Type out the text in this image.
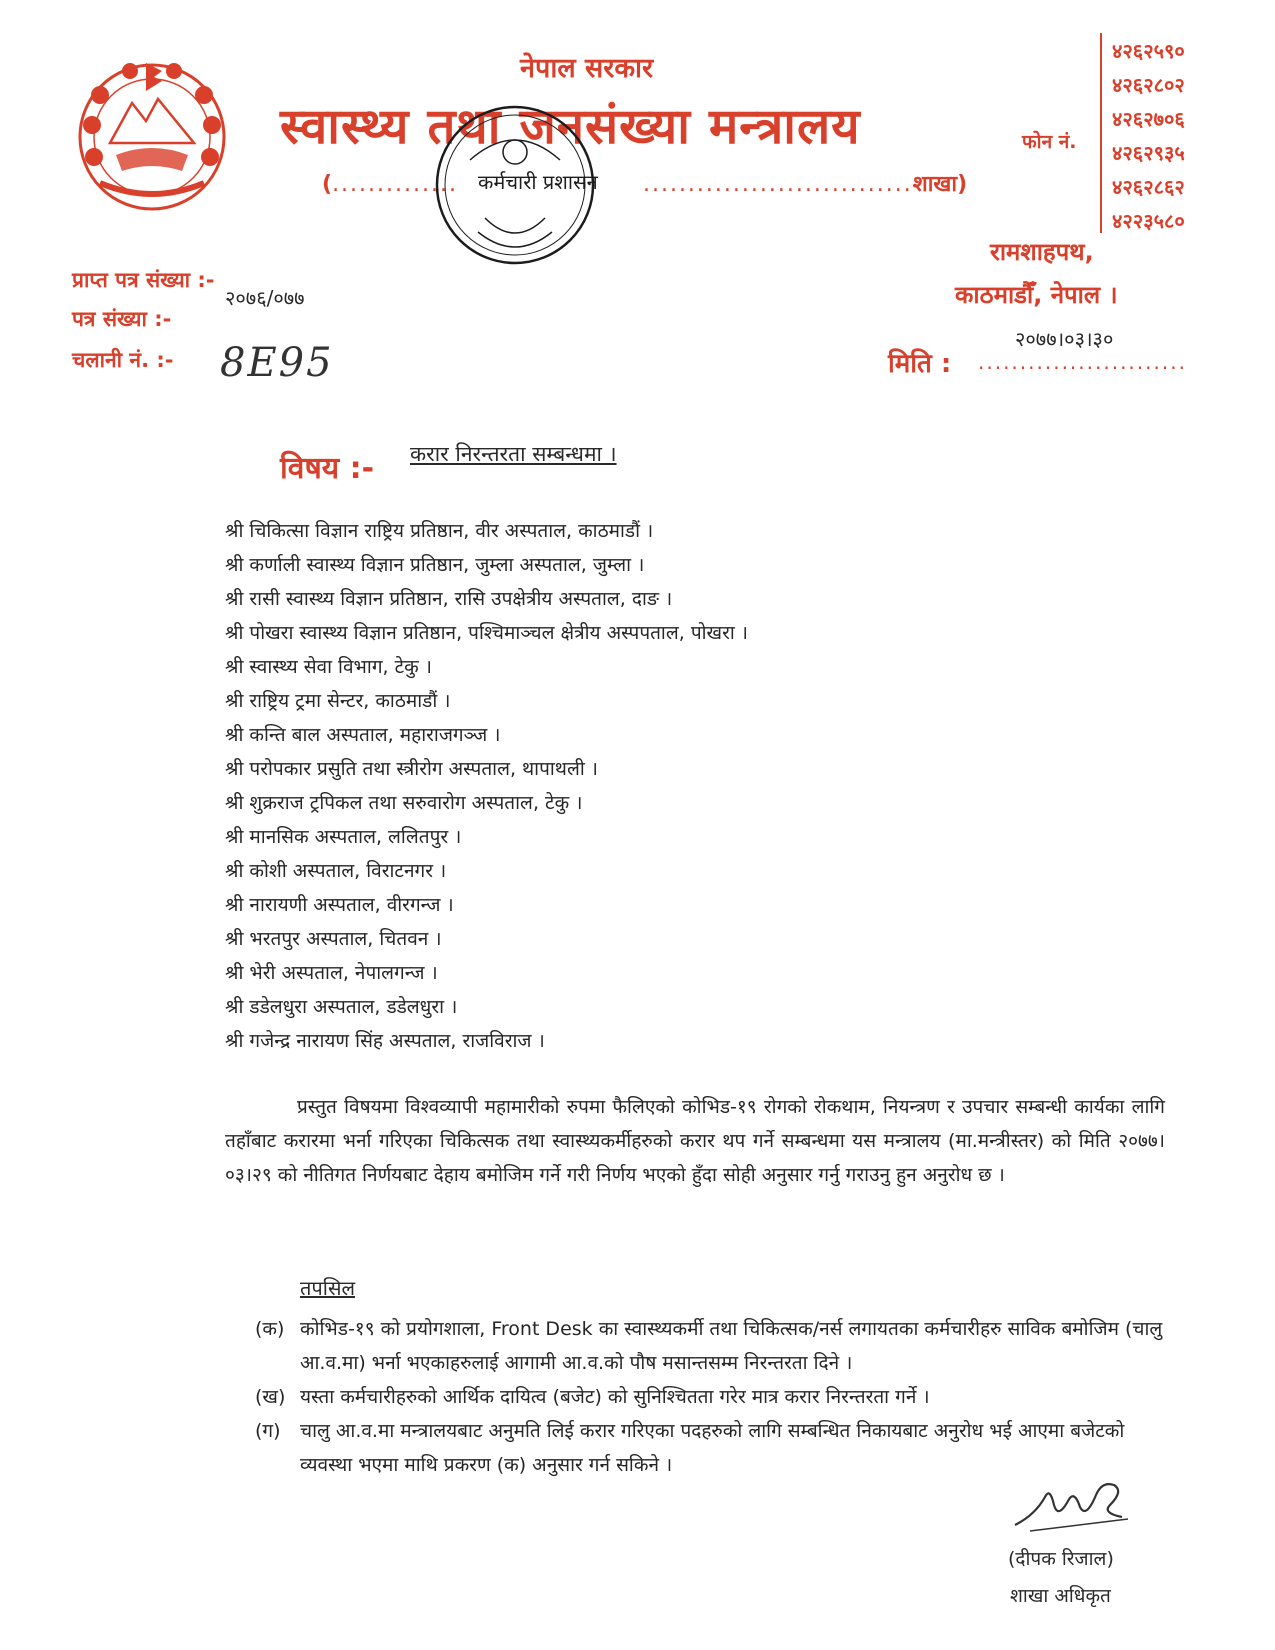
नेपाल सरकार
स्वास्थ्य तथा जनसंख्या मन्त्रालय
(..............	..............................शाखा)
कर्मचारी प्रशासन
फोन नं.
४२६२५९०
४२६२८०२
४२६२७०६
४२६२९३५
४२६२८६२
४२२३५८०
रामशाहपथ,
काठमाडौँ, नेपाल ।
प्राप्त पत्र संख्या :-
२०७६/०७७
पत्र संख्या :-
चलानी नं. :- 8E95
२०७७।०३।३०
मिति : .........................
विषय :- करार निरन्तरता सम्बन्धमा ।
श्री चिकित्सा विज्ञान राष्ट्रिय प्रतिष्ठान, वीर अस्पताल, काठमाडौं ।
श्री कर्णाली स्वास्थ्य विज्ञान प्रतिष्ठान, जुम्ला अस्पताल, जुम्ला ।
श्री रासी स्वास्थ्य विज्ञान प्रतिष्ठान, रासि उपक्षेत्रीय अस्पताल, दाङ ।
श्री पोखरा स्वास्थ्य विज्ञान प्रतिष्ठान, पश्चिमाञ्चल क्षेत्रीय अस्पपताल, पोखरा ।
श्री स्वास्थ्य सेवा विभाग, टेकु ।
श्री राष्ट्रिय ट्रमा सेन्टर, काठमाडौं ।
श्री कन्ति बाल अस्पताल, महाराजगञ्ज ।
श्री परोपकार प्रसुति तथा स्त्रीरोग अस्पताल, थापाथली ।
श्री शुक्रराज ट्रपिकल तथा सरुवारोग अस्पताल, टेकु ।
श्री मानसिक अस्पताल, ललितपुर ।
श्री कोशी अस्पताल, विराटनगर ।
श्री नारायणी अस्पताल, वीरगन्ज ।
श्री भरतपुर अस्पताल, चितवन ।
श्री भेरी अस्पताल, नेपालगन्ज ।
श्री डडेलधुरा अस्पताल, डडेलधुरा ।
श्री गजेन्द्र नारायण सिंह अस्पताल, राजविराज ।
प्रस्तुत विषयमा विश्वव्यापी महामारीको रुपमा फैलिएको कोभिड-१९ रोगको रोकथाम, नियन्त्रण र उपचार सम्बन्धी कार्यका लागि तहाँबाट करारमा भर्ना गरिएका चिकित्सक तथा स्वास्थ्यकर्मीहरुको करार थप गर्ने सम्बन्धमा यस मन्त्रालय (मा.मन्त्रीस्तर) को मिति २०७७।०३।२९ को नीतिगत निर्णयबाट देहाय बमोजिम गर्ने गरी निर्णय भएको हुँदा सोही अनुसार गर्नु गराउनु हुन अनुरोध छ ।
तपसिल
(क) कोभिड-१९ को प्रयोगशाला, Front Desk का स्वास्थ्यकर्मी तथा चिकित्सक/नर्स लगायतका कर्मचारीहरु साविक बमोजिम (चालु आ.व.मा) भर्ना भएकाहरुलाई आगामी आ.व.को पौष मसान्तसम्म निरन्तरता दिने ।
(ख) यस्ता कर्मचारीहरुको आर्थिक दायित्व (बजेट) को सुनिश्चितता गरेर मात्र करार निरन्तरता गर्ने ।
(ग) चालु आ.व.मा मन्त्रालयबाट अनुमति लिई करार गरिएका पदहरुको लागि सम्बन्धित निकायबाट अनुरोध भई आएमा बजेटको व्यवस्था भएमा माथि प्रकरण (क) अनुसार गर्न सकिने ।
(दीपक रिजाल)
शाखा अधिकृत
